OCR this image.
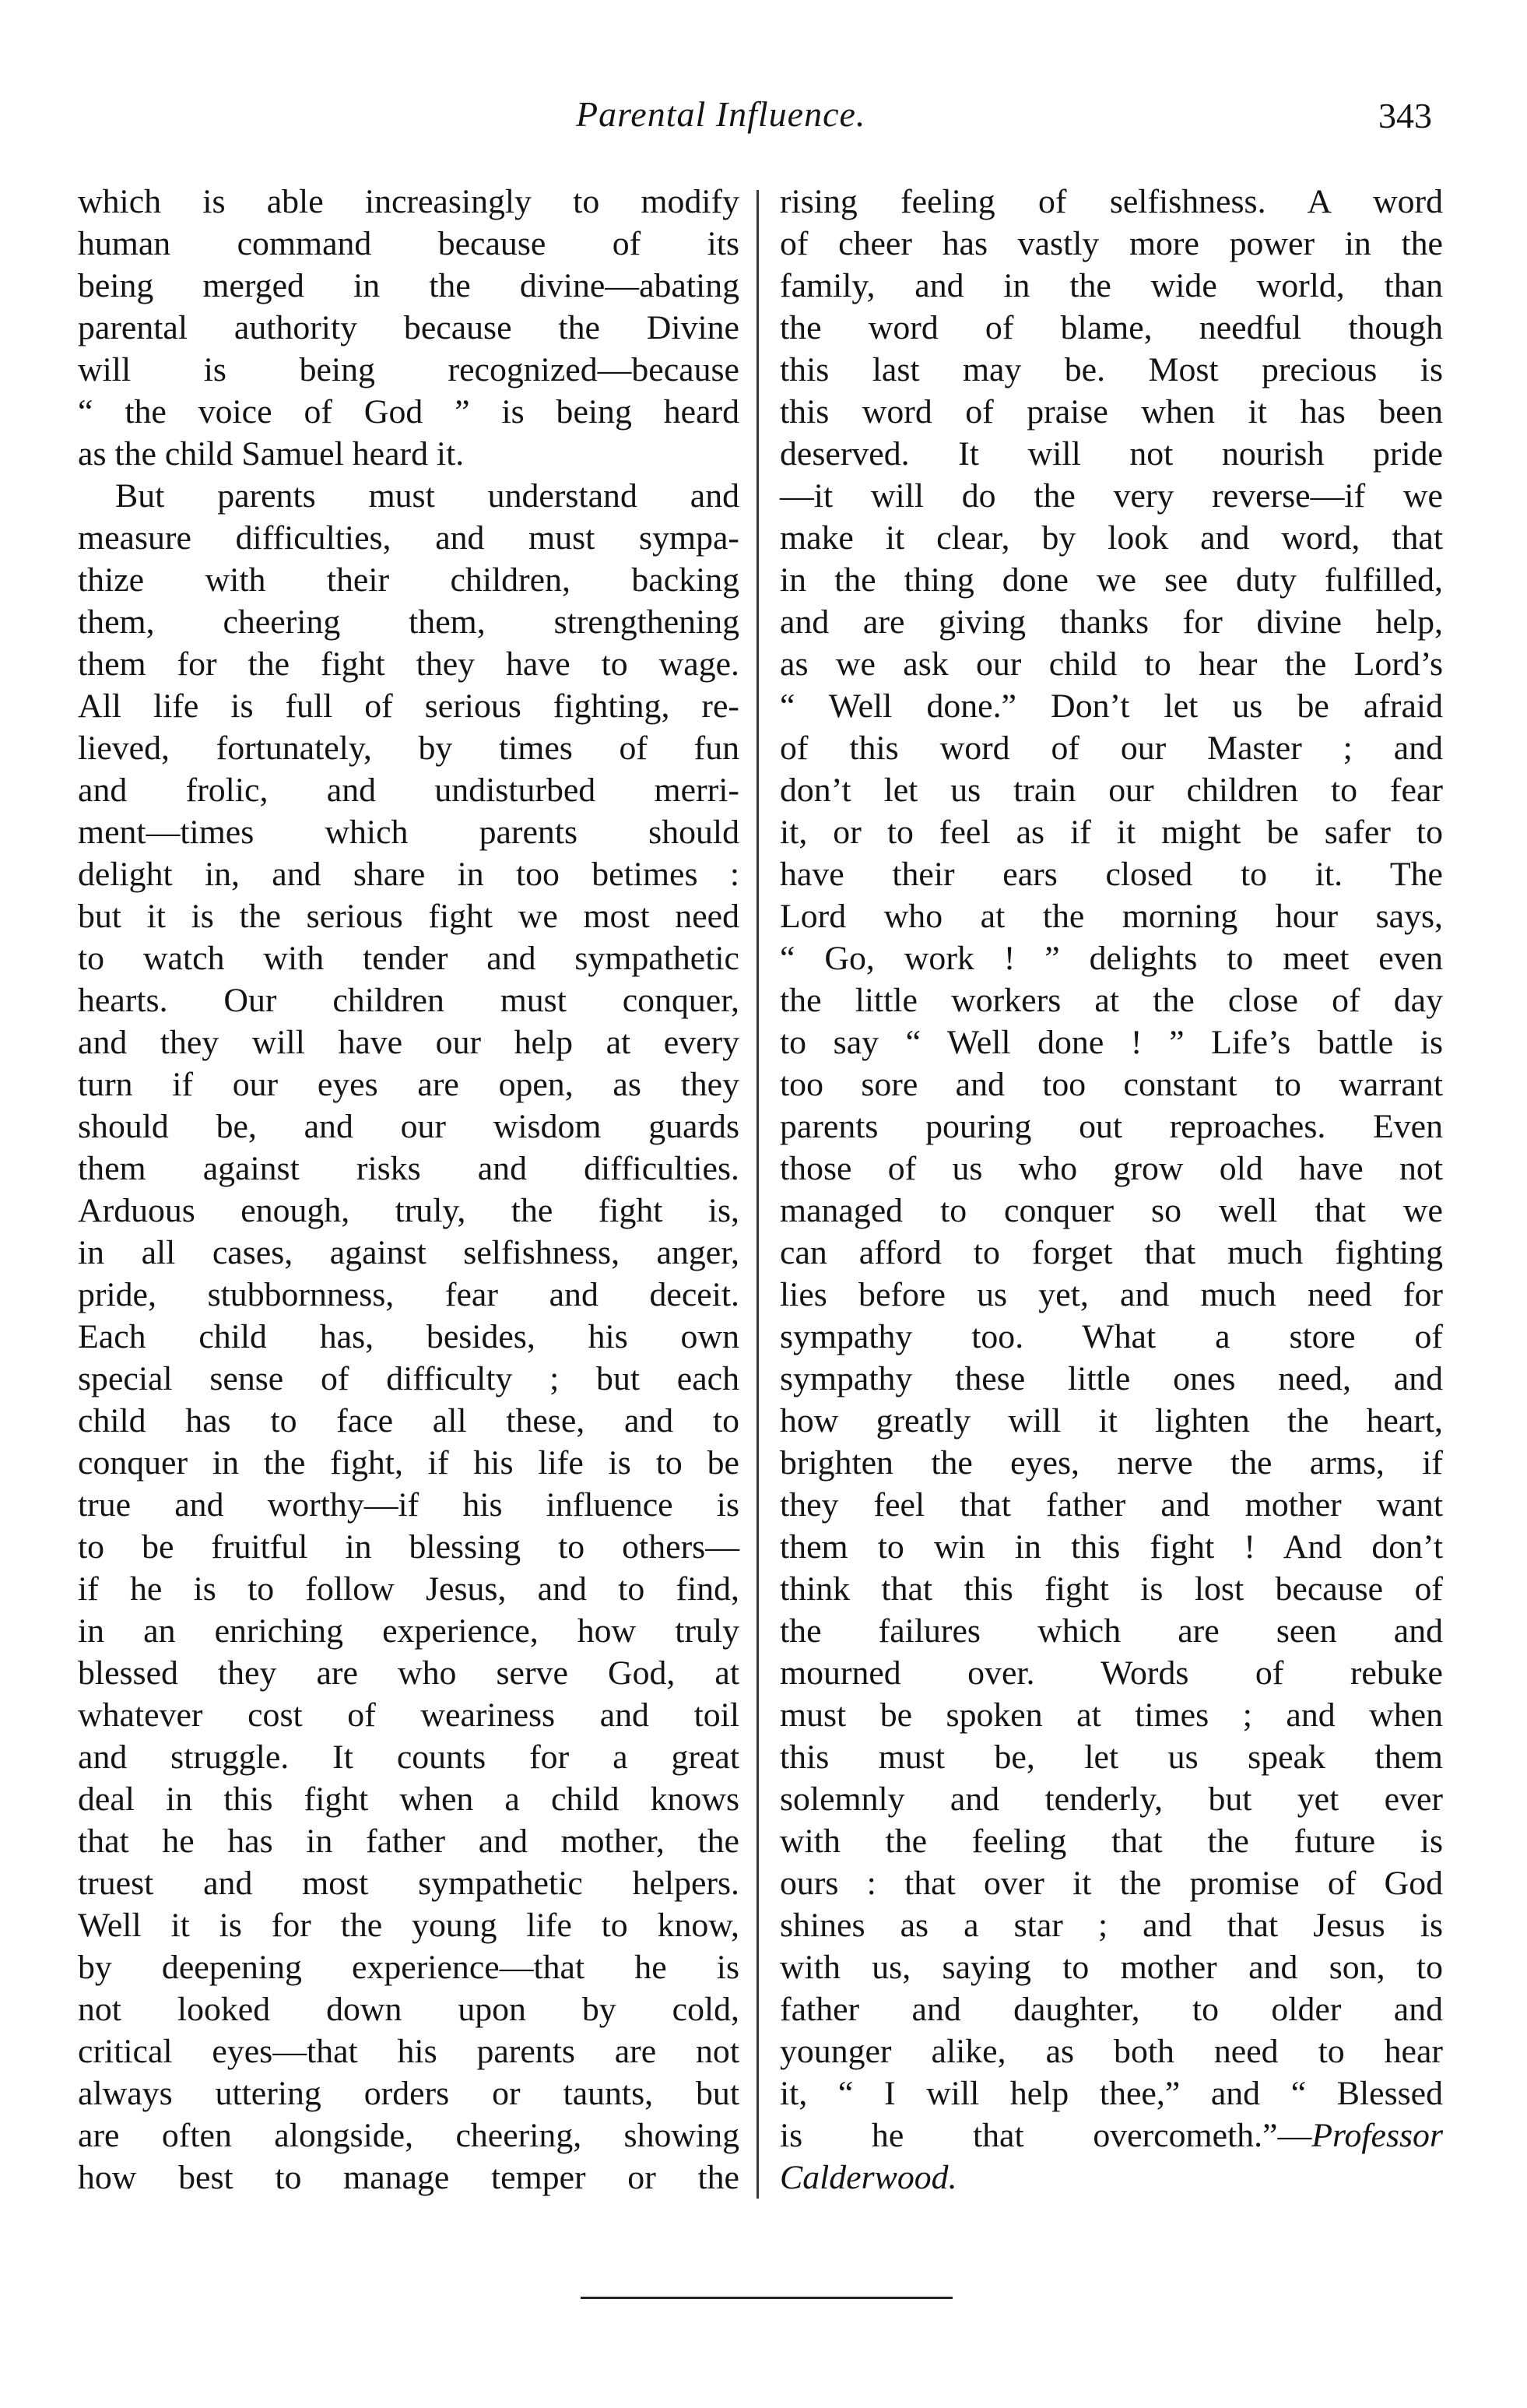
Parental Influence.	343
which is able increasingly to modify
human command because of its
being merged in the divine—abating
parental authority because the Divine
will is being recognized—because
“ the voice of God ” is being heard
as the child Samuel heard it.
But parents must understand and
measure difficulties, and must sympa-
thize with their children, backing
them, cheering them, strengthening
them for the fight they have to wage.
All life is full of serious fighting, re-
lieved, fortunately, by times of fun
and frolic, and undisturbed merri-
ment—times which parents should
delight in, and share in too betimes :
but it is the serious fight we most need
to watch with tender and sympathetic
hearts. Our children must conquer,
and they will have our help at every
turn if our eyes are open, as they
should be, and our wisdom guards
them against risks and difficulties.
Arduous enough, truly, the fight is,
in all cases, against selfishness, anger,
pride, stubbornness, fear and deceit.
Each child has, besides, his own
special sense of difficulty ; but each
child has to face all these, and to
conquer in the fight, if his life is to be
true and worthy—if his influence is
to be fruitful in blessing to others—
if he is to follow Jesus, and to find,
in an enriching experience, how truly
blessed they are who serve God, at
whatever cost of weariness and toil
and struggle. It counts for a great
deal in this fight when a child knows
that he has in father and mother, the
truest and most sympathetic helpers.
Well it is for the young life to know,
by deepening experience—that he is
not looked down upon by cold,
critical eyes—that his parents are not
always uttering orders or taunts, but
are often alongside, cheering, showing
how best to manage temper or the
rising feeling of selfishness. A word
of cheer has vastly more power in the
family, and in the wide world, than
the word of blame, needful though
this last may be. Most precious is
this word of praise when it has been
deserved. It will not nourish pride
—it will do the very reverse—if we
make it clear, by look and word, that
in the thing done we see duty fulfilled,
and are giving thanks for divine help,
as we ask our child to hear the Lord’s
“ Well done.” Don’t let us be afraid
of this word of our Master ; and
don’t let us train our children to fear
it, or to feel as if it might be safer to
have their ears closed to it. The
Lord who at the morning hour says,
“ Go, work ! ” delights to meet even
the little workers at the close of day
to say “ Well done ! ” Life’s battle is
too sore and too constant to warrant
parents pouring out reproaches. Even
those of us who grow old have not
managed to conquer so well that we
can afford to forget that much fighting
lies before us yet, and much need for
sympathy too. What a store of
sympathy these little ones need, and
how greatly will it lighten the heart,
brighten the eyes, nerve the arms, if
they feel that father and mother want
them to win in this fight ! And don’t
think that this fight is lost because of
the failures which are seen and
mourned over. Words of rebuke
must be spoken at times ; and when
this must be, let us speak them
solemnly and tenderly, but yet ever
with the feeling that the future is
ours : that over it the promise of God
shines as a star ; and that Jesus is
with us, saying to mother and son, to
father and daughter, to older and
younger alike, as both need to hear
it, “ I will help thee,” and “ Blessed
is he that overcometh.”—Professor
Calderwood.
